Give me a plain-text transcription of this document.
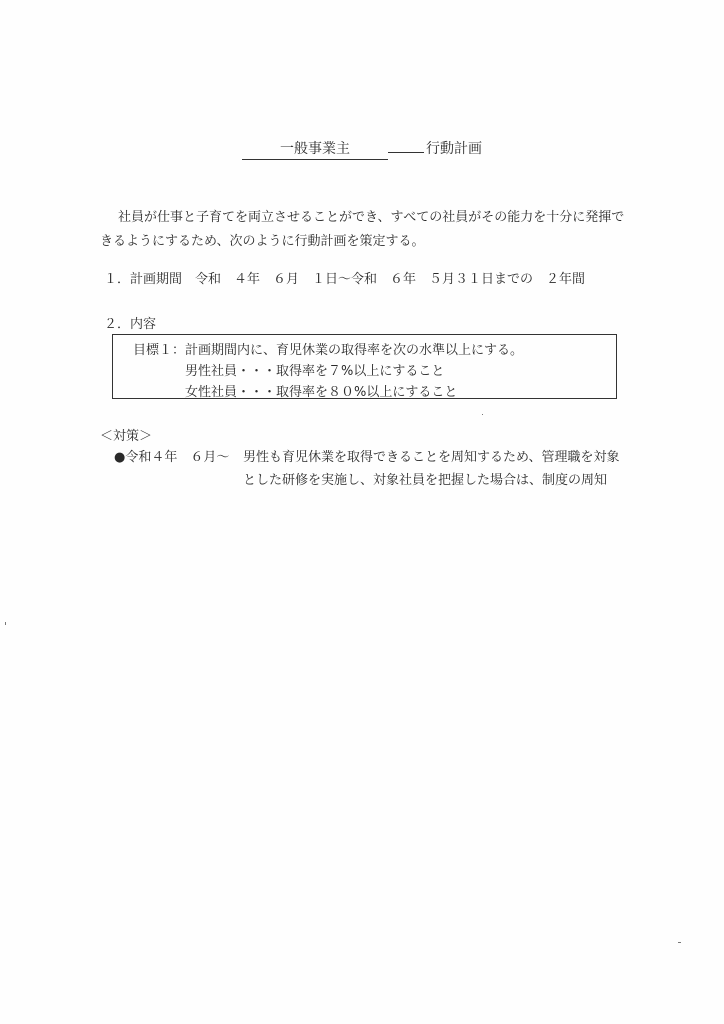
一般事業主	行動計画

社員が仕事と子育てを両立させることができ、すべての社員がその能力を十分に発揮で

きるようにするため、次のように行動計画を策定する。

１．計画期間　令和　４年　６月　１日～令和　６年　５月３１日までの　２年間
２．内容
目標１：計画期間内に、育児休業の取得率を次の水準以上にする。
男性社員・・・取得率を７%以上にすること
女性社員・・・取得率を８０%以上にすること
＜対策＞
●令和４年　６月～ 男性も育児休業を取得できることを周知するため、管理職を対象

とした研修を実施し、対象社員を把握した場合は、制度の周知
